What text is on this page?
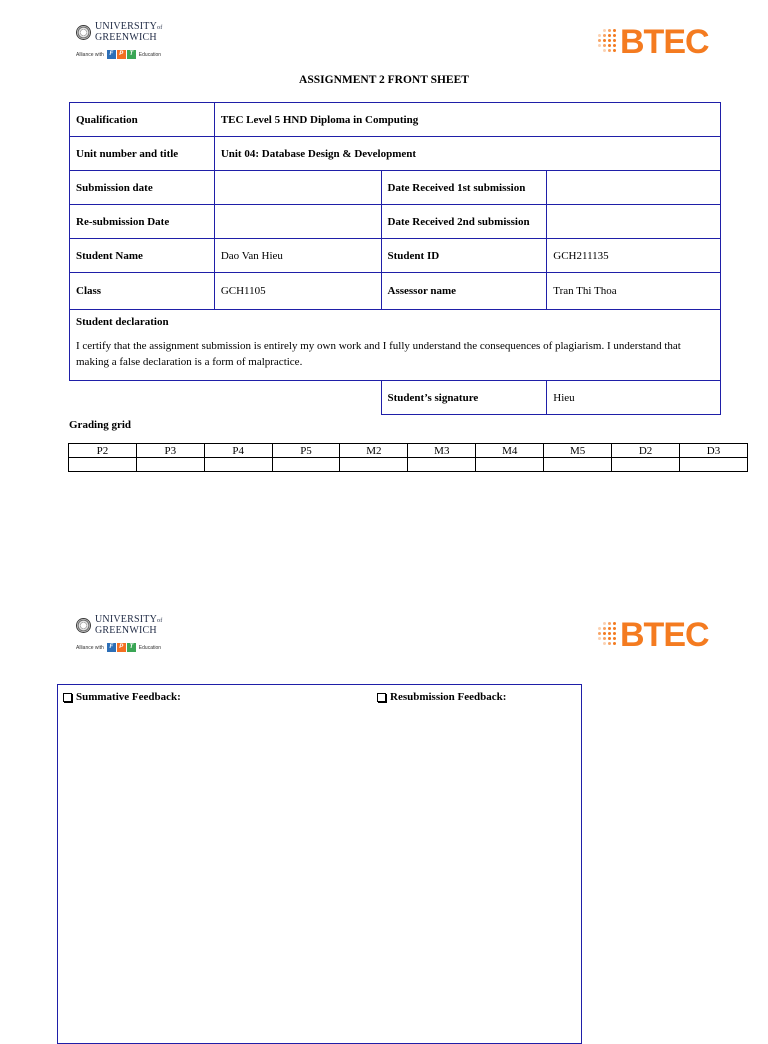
UNIVERSITYof
GREENWICH
Alliance with F	P	T	Education	BTEC
ASSIGNMENT 2 FRONT SHEET
Qualification	TEC Level 5 HND Diploma in Computing		
Unit number and title	Unit 04: Database Design & Development		
Submission date		Date Received 1st submission	
Re-submission Date		Date Received 2nd submission	
Student Name	Dao Van Hieu	Student ID	GCH211135
Class	GCH1105	Assessor name	Tran Thi Thoa

Student declaration
I certify that the assignment submission is entirely my own work and I fully understand the consequences of plagiarism. I understand that making a false declaration is a form of malpractice.			

		Student’s signature	Hieu
Grading grid
P2	P3	P4	P5	M2	M3	M4	M5	D2	D3

UNIVERSITYof
GREENWICH
Alliance with F	P	T	Education	BTEC
Summative Feedback:	Resubmission Feedback:
